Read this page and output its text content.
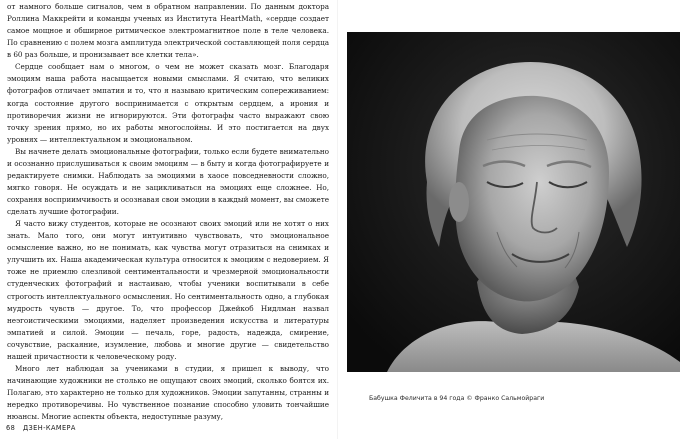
от намного больше сигналов, чем в обратном направлении. По данным доктора Роллина Маккрейти и команды ученых из Института HeartMath, «сердце создает самое мощное и обширное ритмическое электромагнитное поле в теле человека. По сравнению с полем мозга амплитуда электрической составляющей поля сердца в 60 раз больше, и пронизывает все клетки тела».

Сердце сообщает нам о многом, о чем не может сказать мозг. Благодаря эмоциям наша работа насыщается новыми смыслами. Я считаю, что великих фотографов отличает эмпатия и то, что я называю критическим сопереживанием: когда состояние другого воспринимается с открытым сердцем, а ирония и противоречия жизни не игнорируются. Эти фотографы часто выражают свою точку зрения прямо, но их работы многослойны. И это постигается на двух уровнях — интеллектуальном и эмоциональном.

Вы начнете делать эмоциональные фотографии, только если будете внимательно и осознанно прислушиваться к своим эмоциям — в быту и когда фотографируете и редактируете снимки. Наблюдать за эмоциями в хаосе повседневности сложно, мягко говоря. Не осуждать и не зацикливаться на эмоциях еще сложнее. Но, сохраняя восприимчивость и осознавая свои эмоции в каждый момент, вы сможете сделать лучшие фотографии.

Я часто вижу студентов, которые не осознают своих эмоций или не хотят о них знать. Мало того, они могут интуитивно чувствовать, что эмоциональное осмысление важно, но не понимать, как чувства могут отразиться на снимках и улучшить их. Наша академическая культура относится к эмоциям с недоверием. Я тоже не приемлю слезливой сентиментальности и чрезмерной эмоциональности студенческих фотографий и настаиваю, чтобы ученики воспитывали в себе строгость интеллектуального осмысления. Но сентиментальность одно, а глубокая мудрость чувств — другое. То, что профессор Джейкоб Нидлман назвал неэгоистическими эмоциями, наделяет произведения искусства и литературы эмпатией и силой. Эмоции — печаль, горе, радость, надежда, смирение, сочувствие, раскаяние, изумление, любовь и многие другие — свидетельство нашей причастности к человеческому роду.

Много лет наблюдая за учениками в студии, я пришел к выводу, что начинающие художники не столько не ощущают своих эмоций, сколько боятся их. Полагаю, это характерно не только для художников. Эмоции запутанны, странны и нередко противоречивы. Но чувственное познание способно уловить тончайшие нюансы. Многие аспекты объекта, недоступные разуму,

68 ДЗЕН-КАМЕРА
Бабушка Феличита в 94 года © Франко Сальмойраги
